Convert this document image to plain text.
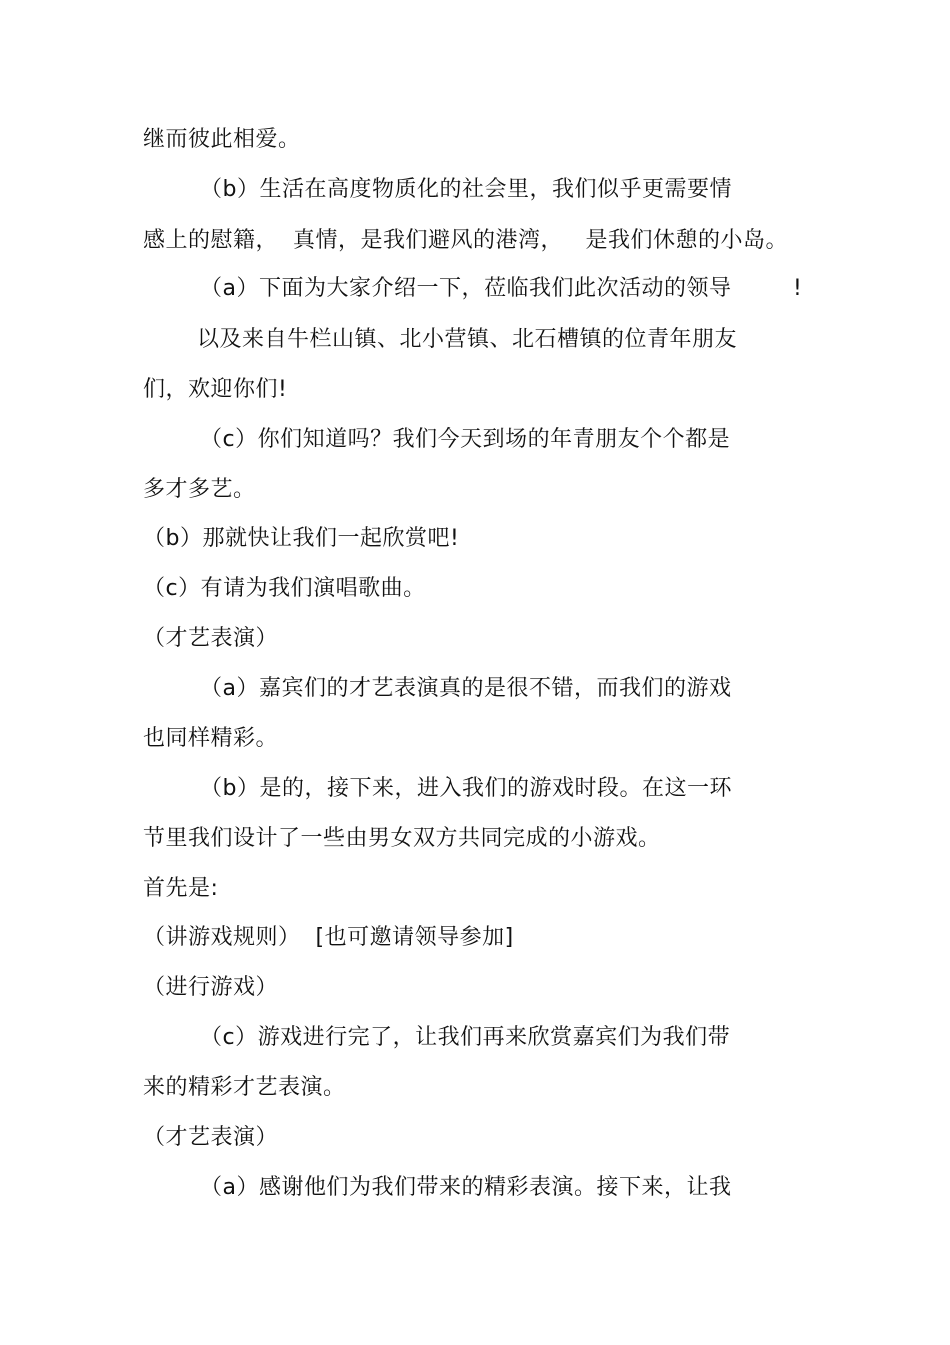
继而彼此相爱。
（b）生活在高度物质化的社会里，我们似乎更需要情
感上的慰籍，  真情，是我们避风的港湾，   是我们休憩的小岛。
（a）下面为大家介绍一下，莅临我们此次活动的领导	!
以及来自牛栏山镇、北小营镇、北石槽镇的位青年朋友
们，欢迎你们!
（c）你们知道吗？我们今天到场的年青朋友个个都是
多才多艺。
（b）那就快让我们一起欣赏吧!
（c）有请为我们演唱歌曲。
（才艺表演）
（a）嘉宾们的才艺表演真的是很不错，而我们的游戏
也同样精彩。
（b）是的，接下来，进入我们的游戏时段。在这一环
节里我们设计了一些由男女双方共同完成的小游戏。
首先是:
（讲游戏规则）  [也可邀请领导参加]
（进行游戏）
（c）游戏进行完了，让我们再来欣赏嘉宾们为我们带
来的精彩才艺表演。
（才艺表演）
（a）感谢他们为我们带来的精彩表演。接下来，让我
